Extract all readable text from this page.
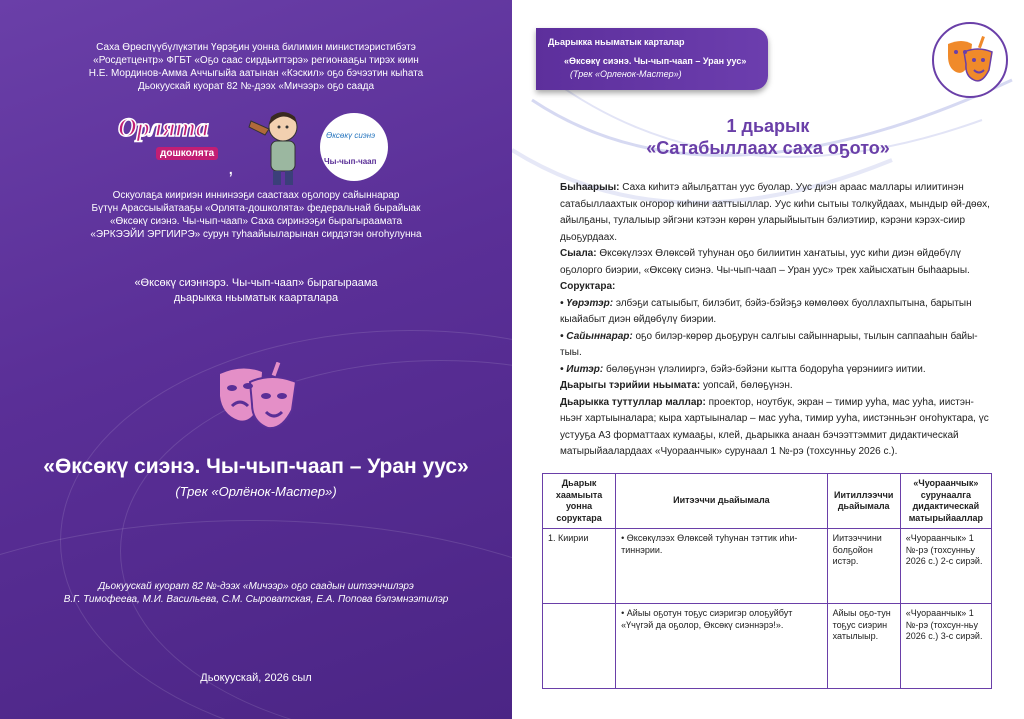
Саха Өрөспүүбүлүкэтин Үөрэҕин уонна билимин министиэристибэтэ
«Росдетцентр» ФГБТ «Оҕо саас сирдьиттэрэ» регионааҕы тирэх киин
Н.Е. Мординов-Амма Аччыгыйа аатынан «Кэскил» оҕо бэчээтин кыһата
Дьокуускай куорат 82 №-дээх «Мичээр» оҕо саада
Орлята
дошколята
,
Өксөкү сиэнэ
Чы-чып-чаап
Оскуолаҕа киириэн иннинээҕи саастаах оҕолору сайыннарар
Бүтүн Арассыыйатааҕы «Орлята-дошколята» федеральнай бырайыак
«Өксөкү сиэнэ. Чы-чып-чаап» Саха сиринээҕи бырагыраамата
«ЭРКЭЭЙИ ЭРГИИРЭ» сурун туһаайыыларынан сирдэтэн оҥоһулунна
«Өксөкү сиэннэрэ. Чы-чып-чаап» бырагыраама
дьарыкка ньыматык каарталара
«Өксөкү сиэнэ. Чы-чып-чаап – Уран уус»
(Трек «Орлёнок-Мастер»)
Дьокуускай куорат 82 №-дээх «Мичээр» оҕо саадын иитээччилэрэ
В.Г. Тимофеева, М.И. Васильева, С.М. Сыроватская, Е.А. Попова бэлэмнээтилэр
Дьокуускай, 2026 сыл
Дьарыкка ньыматык карталар
«Өксөкү сиэнэ. Чы-чып-чаап – Уран уус»
(Трек «Орленок-Мастер»)
1 дьарык
«Сатабыллаах саха оҕото»
Быһаарыы: Саха киһитэ айылҕаттан уус буолар. Уус диэн араас маллары илиитинэн сатабыллаахтык оҥорор киһини ааттыыллар. Уус киһи сытыы толкуйдаах, мындыр өй-дөөх, айылҕаны, тулалыыр эйгэни кэтээн көрөн уларыйыытын бэлиэтиир, кэрэни кэрэх-сиир дьоҕурдаах.
Сыала: Өксөкүлээх Өлөксөй туһунан оҕо билиитин хаҥатыы, уус киһи диэн өйдөбүлү оҕолорго биэрии, «Өксөкү сиэнэ. Чы-чып-чаап – Уран уус» трек хайысхатын быһаарыы.
Соруктара:
• Үөрэтэр: элбэҕи сатыыбыт, билэбит, бэйэ-бэйэҕэ көмөлөөх буоллахпытына, барытын кыайабыт диэн өйдөбүлү биэрии.
• Сайыннарар: оҕо билэр-көрөр дьоҕурун салгыы сайыннарыы, тылын саппааһын байы-тыы.
• Иитэр: бөлөҕүнэн үлэлииргэ, бэйэ-бэйэни кытта бодоруһа үөрэниигэ иитии.
Дьарыгы тэрийии ньымата: уопсай, бөлөҕүнэн.
Дьарыкка туттуллар маллар: проектор, ноутбук, экран – тимир ууһа, мас ууһа, иистэн-ньэҥ хартыыналара; кыра хартыыналар – мас ууһа, тимир ууһа, иистэнньэҥ оҥоһуктара, үс устууҕа А3 форматтаах кумааҕы, клей, дьарыкка анаан бэчээттэммит дидактическай матырыйаалардаах «Чуораанчык» сурунаал 1 №-рэ (тохсунньу 2026 с.).
Дьарык хаамыыта уонна соруктара	Иитээччи дьайымала	Иитиллээччи дьайымала	«Чуораанчык» сурунаалга дидактическай матырыйааллар
1. Киирии	• Өксөкүлээх Өлөксөй туһунан тэттик иһи-тиннэрии.	Иитээччини болҕойон истэр.	«Чуораанчык» 1 №-рэ (тохсунньу 2026 с.) 2-с сирэй.
	• Айыы оҕотун тоҕус сиэригэр олоҕуйбут «Үчүгэй да оҕолор, Өксөкү сиэннэрэ!».	Айыы оҕо-тун тоҕус сиэрин хатылыыр.	«Чуораанчык» 1 №-рэ (тохсун-ньу 2026 с.) 3-с сирэй.
